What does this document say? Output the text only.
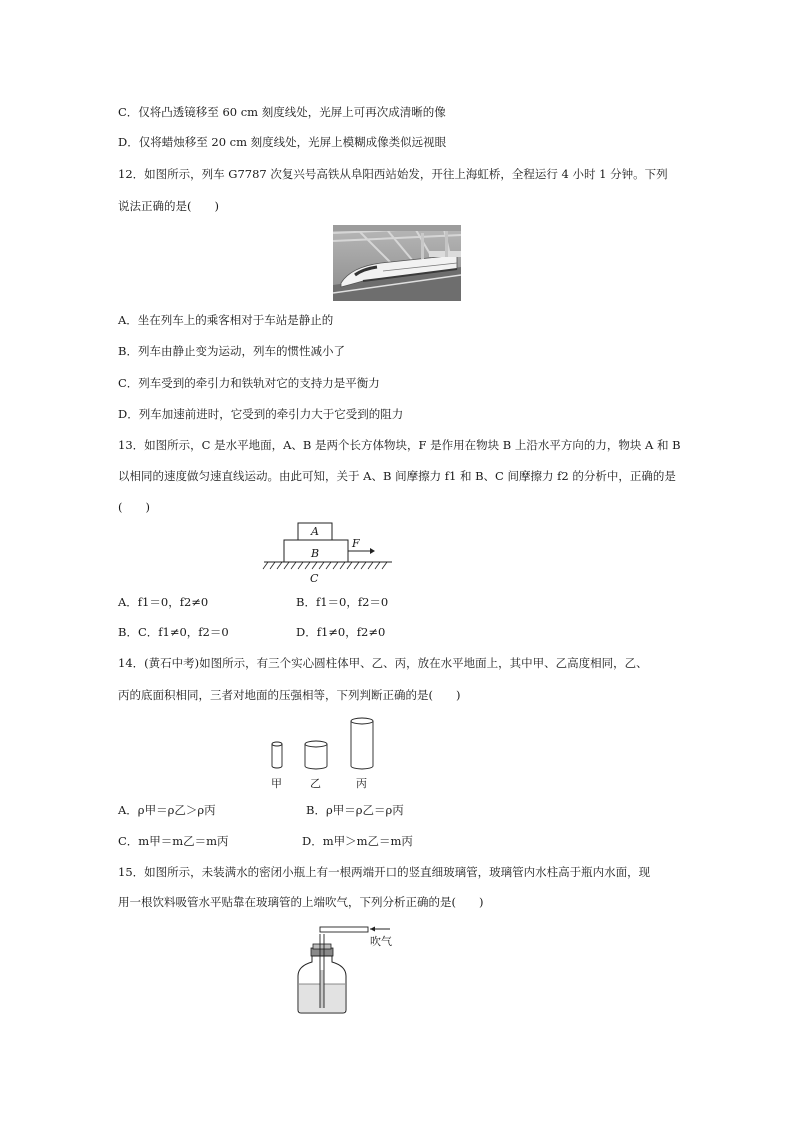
C．仅将凸透镜移至 60 cm 刻度线处，光屏上可再次成清晰的像
D．仅将蜡烛移至 20 cm 刻度线处，光屏上模糊成像类似远视眼
12．如图所示，列车 G7787 次复兴号高铁从阜阳西站始发，开往上海虹桥，全程运行 4 小时 1 分钟。下列
说法正确的是(　　)
A．坐在列车上的乘客相对于车站是静止的
B．列车由静止变为运动，列车的惯性减小了
C．列车受到的牵引力和铁轨对它的支持力是平衡力
D．列车加速前进时，它受到的牵引力大于它受到的阻力
13．如图所示，C 是水平地面，A、B 是两个长方体物块，F 是作用在物块 B 上沿水平方向的力，物块 A 和 B
以相同的速度做匀速直线运动。由此可知，关于 A、B 间摩擦力 f1 和 B、C 间摩擦力 f2 的分析中，正确的是
(　　)
A
B
F
C
A．f1＝0，f2≠0	B．f1＝0，f2＝0
B．C．f1≠0，f2＝0	D．f1≠0，f2≠0
14．(黄石中考)如图所示，有三个实心圆柱体甲、乙、丙，放在水平地面上，其中甲、乙高度相同，乙、
丙的底面积相同，三者对地面的压强相等，下列判断正确的是(　　)
甲	乙	丙
A．ρ甲＝ρ乙＞ρ丙	B．ρ甲＝ρ乙＝ρ丙
C．m甲＝m乙＝m丙	D．m甲＞m乙＝m丙
15．如图所示，未装满水的密闭小瓶上有一根两端开口的竖直细玻璃管，玻璃管内水柱高于瓶内水面，现
用一根饮料吸管水平贴靠在玻璃管的上端吹气，下列分析正确的是(　　)
吹气
